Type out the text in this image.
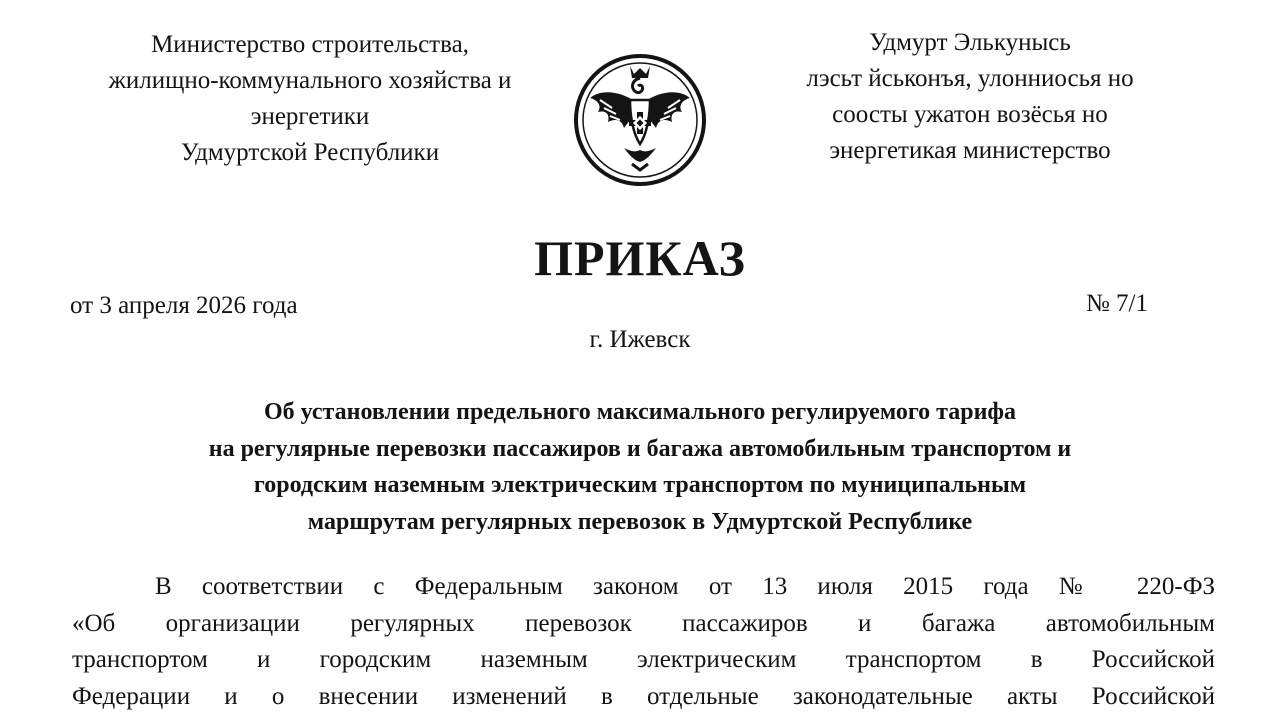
Министерство строительства,
жилищно-коммунального хозяйства и
энергетики
Удмуртской Республики
Удмурт Элькунысь
лэсьт йськонъя, улонниосья но
соосты ужатон возёсья но
энергетикая министерство
ПРИКАЗ
от 3 апреля 2026 года	№ 7/1
г. Ижевск
Об установлении предельного максимального регулируемого тарифа
на регулярные перевозки пассажиров и багажа автомобильным транспортом и
городским наземным электрическим транспортом по муниципальным
маршрутам регулярных перевозок в Удмуртской Республике
В соответствии с Федеральным законом от 13 июля 2015 года № 220-ФЗ
«Об организации регулярных перевозок пассажиров и багажа автомобильным
транспортом и городским наземным электрическим транспортом в Российской
Федерации и о внесении изменений в отдельные законодательные акты Российской
